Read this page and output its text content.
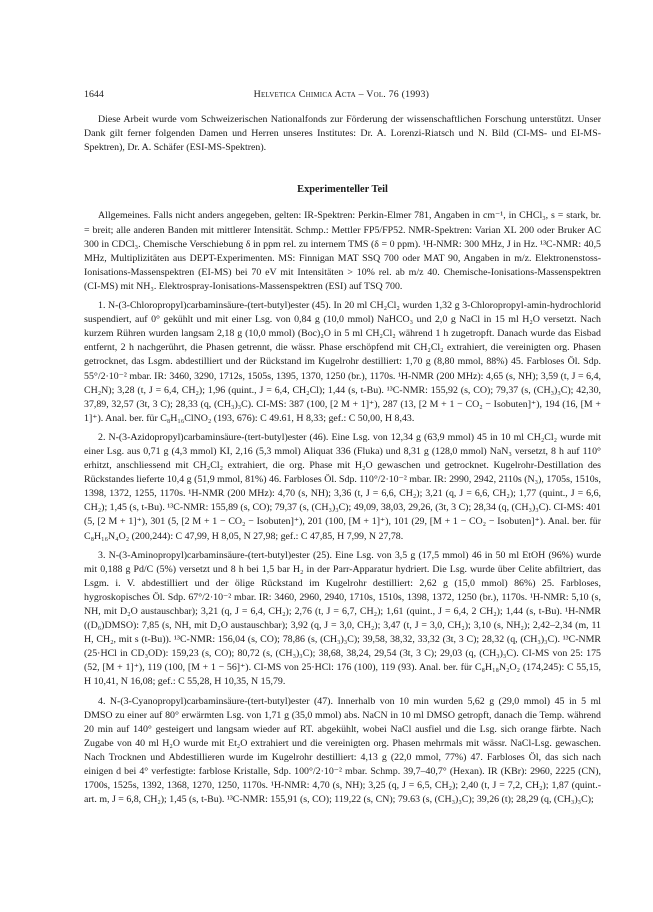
1644	Helvetica Chimica Acta – Vol. 76 (1993)

Diese Arbeit wurde vom Schweizerischen Nationalfonds zur Förderung der wissenschaftlichen Forschung unterstützt. Unser Dank gilt ferner folgenden Damen und Herren unseres Institutes: Dr. A. Lorenzi-Riatsch und N. Bild (CI-MS- und EI-MS-Spektren), Dr. A. Schäfer (ESI-MS-Spektren).

Experimenteller Teil

Allgemeines. Falls nicht anders angegeben, gelten: IR-Spektren: Perkin-Elmer 781, Angaben in cm⁻¹, in CHCl₃, s = stark, br. = breit; alle anderen Banden mit mittlerer Intensität. Schmp.: Mettler FP5/FP52. NMR-Spektren: Varian XL 200 oder Bruker AC 300 in CDCl₃. Chemische Verschiebung δ in ppm rel. zu internem TMS (δ = 0 ppm). ¹H-NMR: 300 MHz, J in Hz. ¹³C-NMR: 40,5 MHz, Multiplizitäten aus DEPT-Experimenten. MS: Finnigan MAT SSQ 700 oder MAT 90, Angaben in m/z. Elektronenstoss-Ionisations-Massenspektren (EI-MS) bei 70 eV mit Intensitäten > 10% rel. ab m/z 40. Chemische-Ionisations-Massenspektren (CI-MS) mit NH₃. Elektrospray-Ionisations-Massenspektren (ESI) auf TSQ 700.

1. N-(3-Chloropropyl)carbaminsäure-(tert-butyl)ester (45). In 20 ml CH₂Cl₂ wurden 1,32 g 3-Chloropropyl-amin-hydrochlorid suspendiert, auf 0° gekühlt und mit einer Lsg. von 0,84 g (10,0 mmol) NaHCO₃ und 2,0 g NaCl in 15 ml H₂O versetzt. Nach kurzem Rühren wurden langsam 2,18 g (10,0 mmol) (Boc)₂O in 5 ml CH₂Cl₂ während 1 h zugetropft. Danach wurde das Eisbad entfernt, 2 h nachgerührt, die Phasen getrennt, die wässr. Phase erschöpfend mit CH₂Cl₂ extrahiert, die vereinigten org. Phasen getrocknet, das Lsgm. abdestilliert und der Rückstand im Kugelrohr destilliert: 1,70 g (8,80 mmol, 88%) 45. Farbloses Öl. Sdp. 55°/2·10⁻² mbar. IR: 3460, 3290, 1712s, 1505s, 1395, 1370, 1250 (br.), 1170s. ¹H-NMR (200 MHz): 4,65 (s, NH); 3,59 (t, J = 6,4, CH₂N); 3,28 (t, J = 6,4, CH₂); 1,96 (quint., J = 6,4, CH₂Cl); 1,44 (s, t-Bu). ¹³C-NMR: 155,92 (s, CO); 79,37 (s, (CH₃)₃C); 42,30, 37,89, 32,57 (3t, 3 C); 28,33 (q, (CH₃)₃C). CI-MS: 387 (100, [2 M + 1]⁺), 287 (13, [2 M + 1 − CO₂ − Isobuten]⁺), 194 (16, [M + 1]⁺). Anal. ber. für C₈H₁₆ClNO₂ (193, 676): C 49.61, H 8,33; gef.: C 50,00, H 8,43.

2. N-(3-Azidopropyl)carbaminsäure-(tert-butyl)ester (46). Eine Lsg. von 12,34 g (63,9 mmol) 45 in 10 ml CH₂Cl₂ wurde mit einer Lsg. aus 0,71 g (4,3 mmol) KI, 2,16 (5,3 mmol) Aliquat 336 (Fluka) und 8,31 g (128,0 mmol) NaN₃ versetzt, 8 h auf 110° erhitzt, anschliessend mit CH₂Cl₂ extrahiert, die org. Phase mit H₂O gewaschen und getrocknet. Kugelrohr-Destillation des Rückstandes lieferte 10,4 g (51,9 mmol, 81%) 46. Farbloses Öl. Sdp. 110°/2·10⁻² mbar. IR: 2990, 2942, 2110s (N₃), 1705s, 1510s, 1398, 1372, 1255, 1170s. ¹H-NMR (200 MHz): 4,70 (s, NH); 3,36 (t, J = 6,6, CH₂); 3,21 (q, J = 6,6, CH₂); 1,77 (quint., J = 6,6, CH₂); 1,45 (s, t-Bu). ¹³C-NMR: 155,89 (s, CO); 79,37 (s, (CH₃)₃C); 49,09, 38,03, 29,26, (3t, 3 C); 28,34 (q, (CH₃)₃C). CI-MS: 401 (5, [2 M + 1]⁺), 301 (5, [2 M + 1 − CO₂ − Isobuten]⁺), 201 (100, [M + 1]⁺), 101 (29, [M + 1 − CO₂ − Isobuten]⁺). Anal. ber. für C₈H₁₆N₄O₂ (200,244): C 47,99, H 8,05, N 27,98; gef.: C 47,85, H 7,99, N 27,78.

3. N-(3-Aminopropyl)carbaminsäure-(tert-butyl)ester (25). Eine Lsg. von 3,5 g (17,5 mmol) 46 in 50 ml EtOH (96%) wurde mit 0,188 g Pd/C (5%) versetzt und 8 h bei 1,5 bar H₂ in der Parr-Apparatur hydriert. Die Lsg. wurde über Celite abfiltriert, das Lsgm. i. V. abdestilliert und der ölige Rückstand im Kugelrohr destilliert: 2,62 g (15,0 mmol) 86%) 25. Farbloses, hygroskopisches Öl. Sdp. 67°/2·10⁻² mbar. IR: 3460, 2960, 2940, 1710s, 1510s, 1398, 1372, 1250 (br.), 1170s. ¹H-NMR: 5,10 (s, NH, mit D₂O austauschbar); 3,21 (q, J = 6,4, CH₂); 2,76 (t, J = 6,7, CH₂); 1,61 (quint., J = 6,4, 2 CH₂); 1,44 (s, t-Bu). ¹H-NMR ((D₆)DMSO): 7,85 (s, NH, mit D₂O austauschbar); 3,92 (q, J = 3,0, CH₂); 3,47 (t, J = 3,0, CH₂); 3,10 (s, NH₂); 2,42–2,34 (m, 11 H, CH₂, mit s (t-Bu)). ¹³C-NMR: 156,04 (s, CO); 78,86 (s, (CH₃)₃C); 39,58, 38,32, 33,32 (3t, 3 C); 28,32 (q, (CH₃)₃C). ¹³C-NMR (25·HCl in CD₃OD): 159,23 (s, CO); 80,72 (s, (CH₃)₃C); 38,68, 38,24, 29,54 (3t, 3 C); 29,03 (q, (CH₃)₃C). CI-MS von 25: 175 (52, [M + 1]⁺), 119 (100, [M + 1 − 56]⁺). CI-MS von 25·HCl: 176 (100), 119 (93). Anal. ber. für C₈H₁₈N₂O₂ (174,245): C 55,15, H 10,41, N 16,08; gef.: C 55,28, H 10,35, N 15,79.

4. N-(3-Cyanopropyl)carbaminsäure-(tert-butyl)ester (47). Innerhalb von 10 min wurden 5,62 g (29,0 mmol) 45 in 5 ml DMSO zu einer auf 80° erwärmten Lsg. von 1,71 g (35,0 mmol) abs. NaCN in 10 ml DMSO getropft, danach die Temp. während 20 min auf 140° gesteigert und langsam wieder auf RT. abgekühlt, wobei NaCl ausfiel und die Lsg. sich orange färbte. Nach Zugabe von 40 ml H₂O wurde mit Et₂O extrahiert und die vereinigten org. Phasen mehrmals mit wässr. NaCl-Lsg. gewaschen. Nach Trocknen und Abdestillieren wurde im Kugelrohr destilliert: 4,13 g (22,0 mmol, 77%) 47. Farbloses Öl, das sich nach einigen d bei 4° verfestigte: farblose Kristalle, Sdp. 100°/2·10⁻² mbar. Schmp. 39,7–40,7° (Hexan). IR (KBr): 2960, 2225 (CN), 1700s, 1525s, 1392, 1368, 1270, 1250, 1170s. ¹H-NMR: 4,70 (s, NH); 3,25 (q, J = 6,5, CH₂); 2,40 (t, J = 7,2, CH₂); 1,87 (quint.-art. m, J = 6,8, CH₂); 1,45 (s, t-Bu). ¹³C-NMR: 155,91 (s, CO); 119,22 (s, CN); 79.63 (s, (CH₃)₃C); 39,26 (t); 28,29 (q, (CH₃)₃C);
